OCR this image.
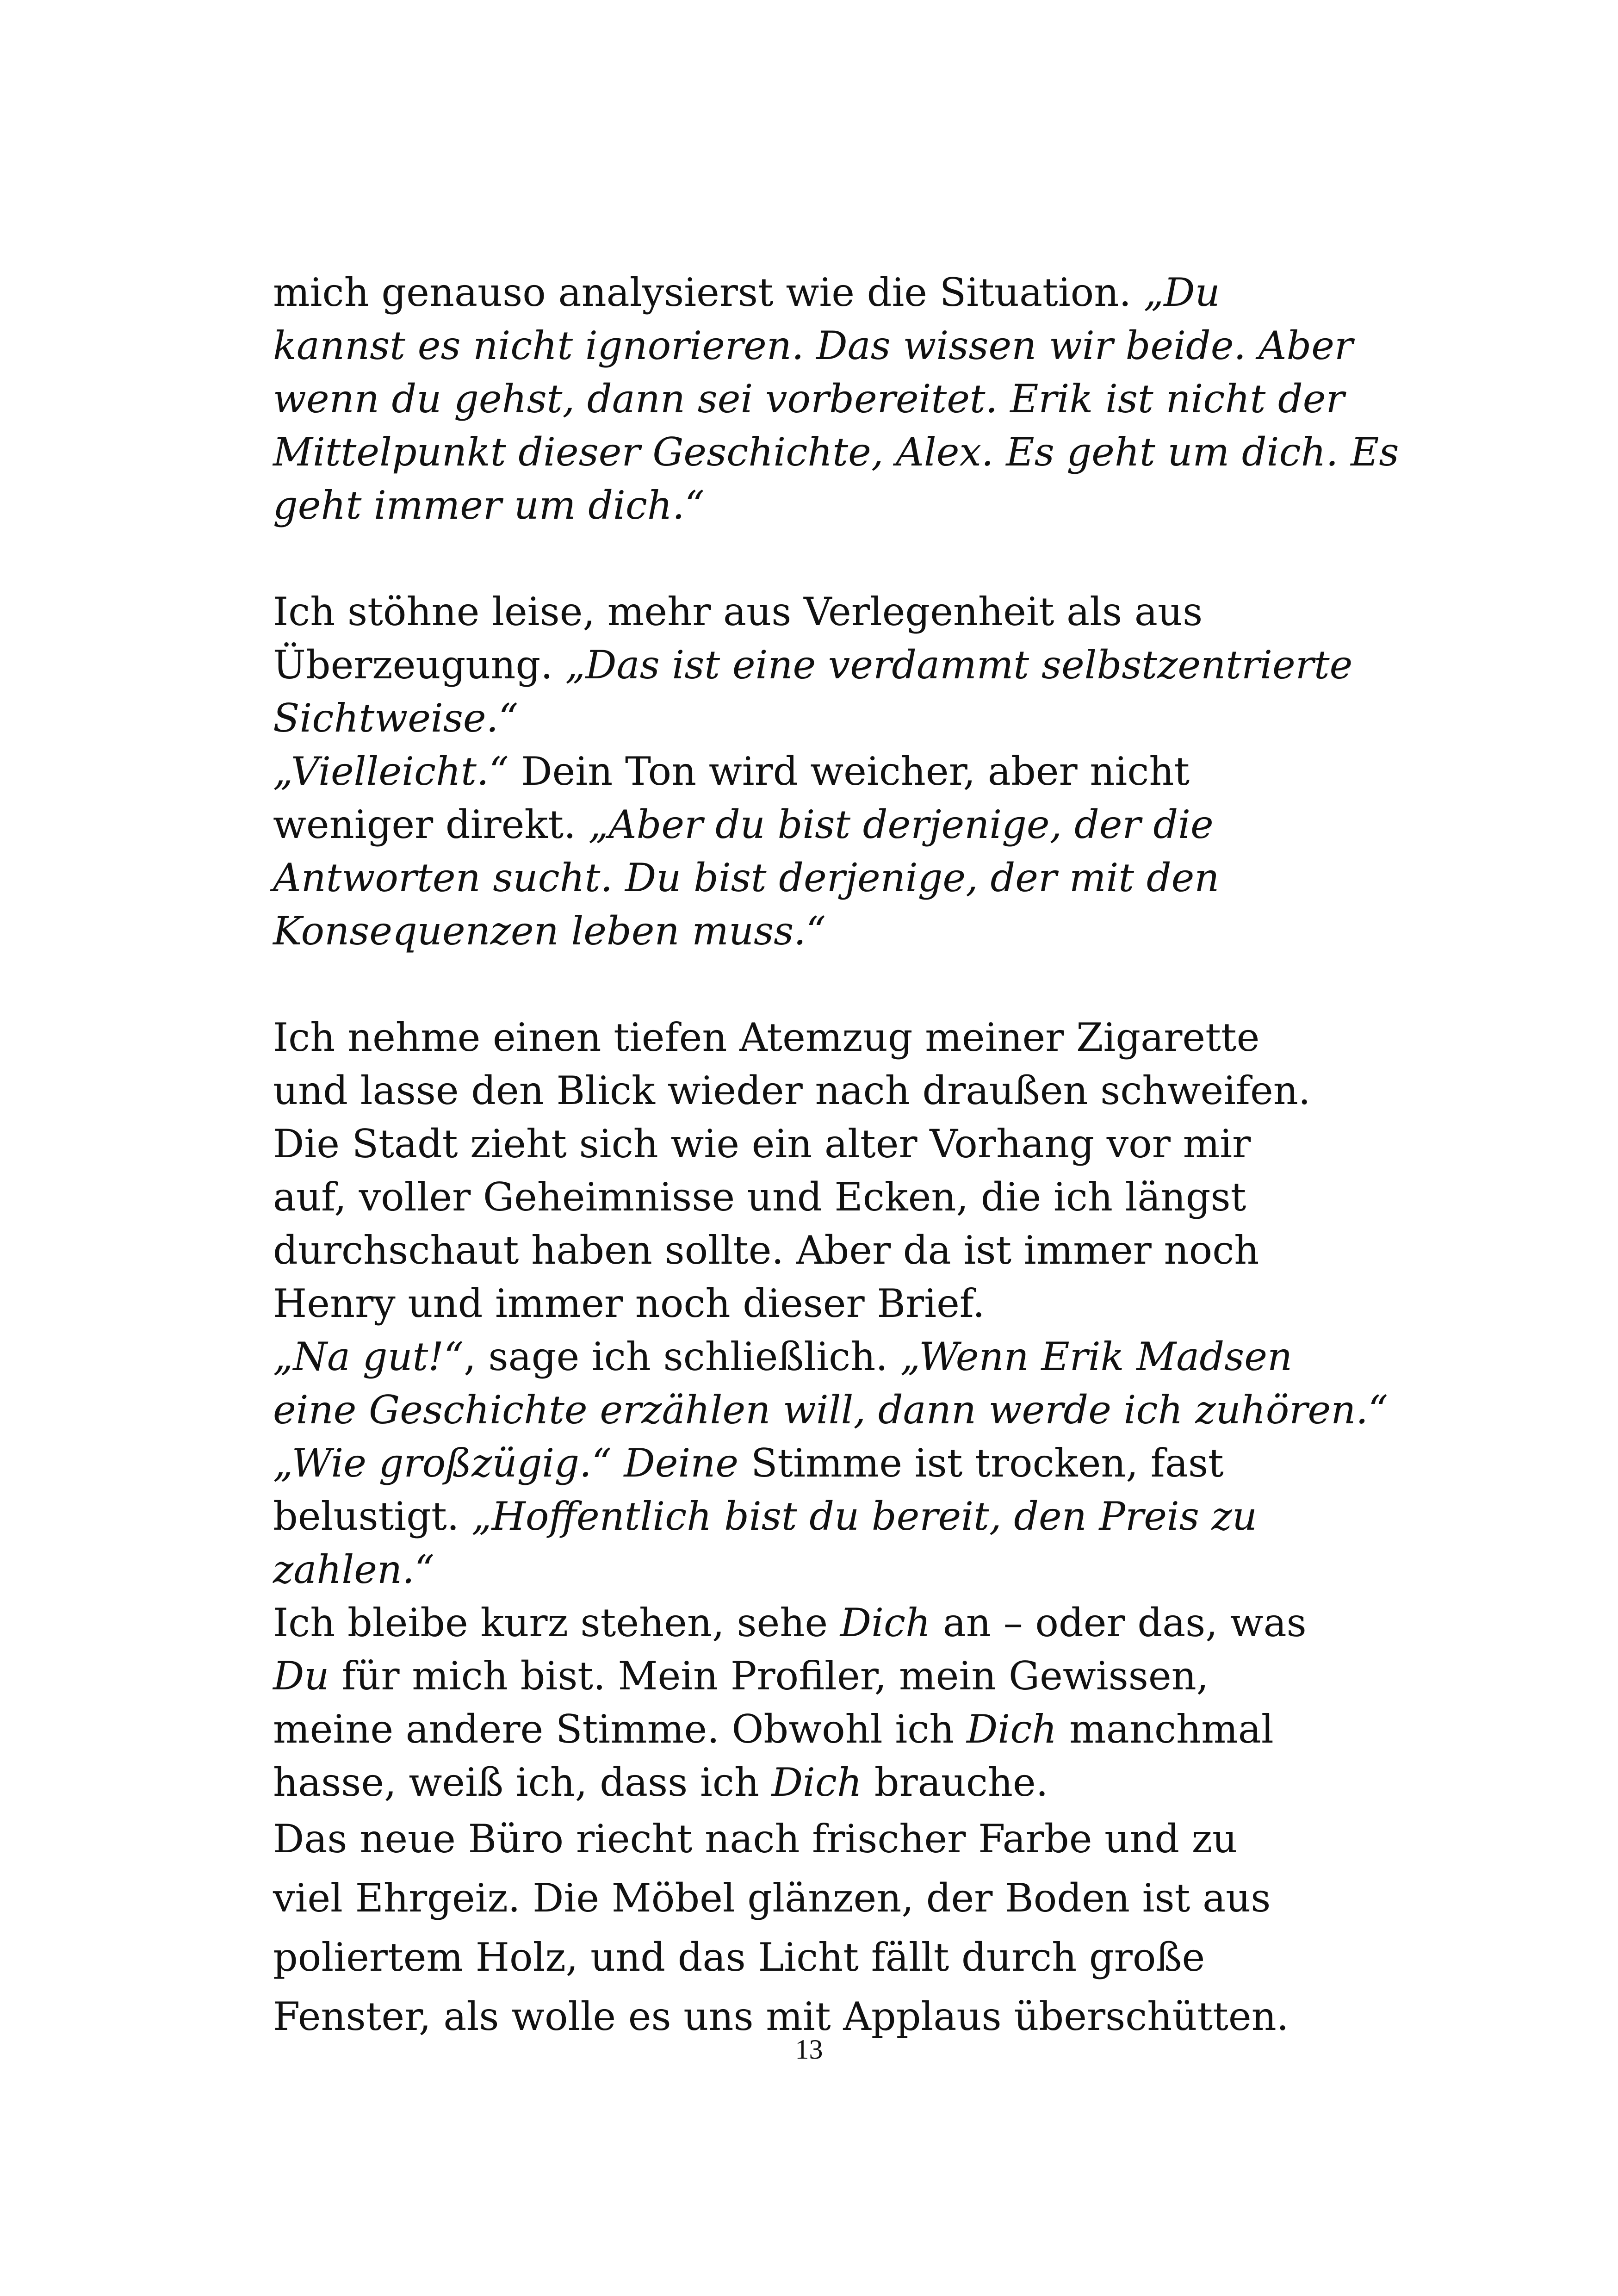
mich genauso analysierst wie die Situation. „Du
kannst es nicht ignorieren. Das wissen wir beide. Aber
wenn du gehst, dann sei vorbereitet. Erik ist nicht der
Mittelpunkt dieser Geschichte, Alex. Es geht um dich. Es
geht immer um dich.“
Ich stöhne leise, mehr aus Verlegenheit als aus
Überzeugung. „Das ist eine verdammt selbstzentrierte
Sichtweise.“
„Vielleicht.“ Dein Ton wird weicher, aber nicht
weniger direkt. „Aber du bist derjenige, der die
Antworten sucht. Du bist derjenige, der mit den
Konsequenzen leben muss.“
Ich nehme einen tiefen Atemzug meiner Zigarette
und lasse den Blick wieder nach draußen schweifen.
Die Stadt zieht sich wie ein alter Vorhang vor mir
auf, voller Geheimnisse und Ecken, die ich längst
durchschaut haben sollte. Aber da ist immer noch
Henry und immer noch dieser Brief.
„Na gut!“, sage ich schließlich. „Wenn Erik Madsen
eine Geschichte erzählen will, dann werde ich zuhören.“
„Wie großzügig.“ Deine Stimme ist trocken, fast
belustigt. „Hoffentlich bist du bereit, den Preis zu
zahlen.“
Ich bleibe kurz stehen, sehe Dich an – oder das, was
Du für mich bist. Mein Profiler, mein Gewissen,
meine andere Stimme. Obwohl ich Dich manchmal
hasse, weiß ich, dass ich Dich brauche.
Das neue Büro riecht nach frischer Farbe und zu
viel Ehrgeiz. Die Möbel glänzen, der Boden ist aus
poliertem Holz, und das Licht fällt durch große
Fenster, als wolle es uns mit Applaus überschütten.
13
